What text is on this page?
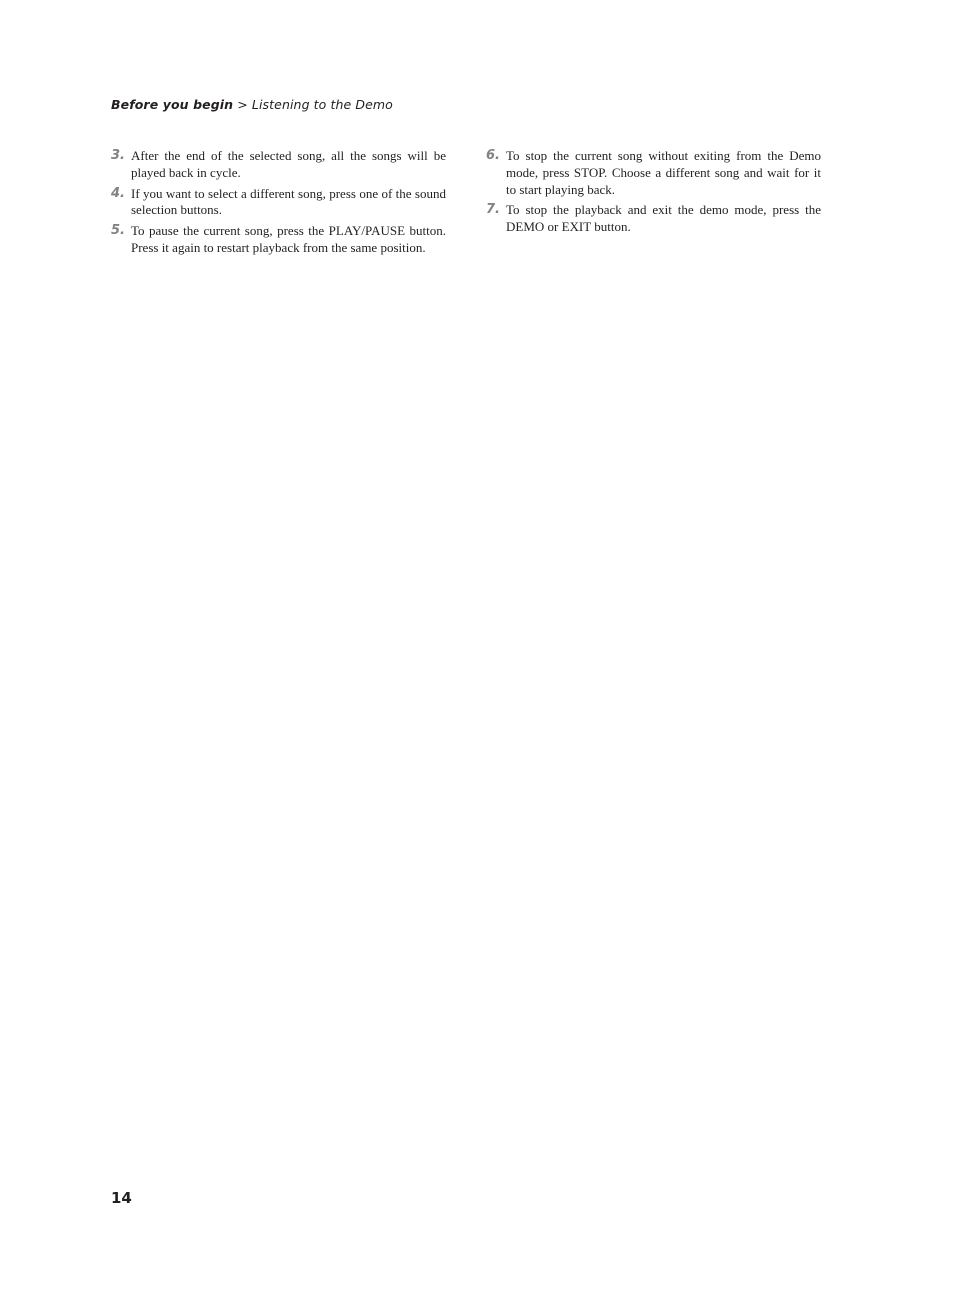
Before you begin > Listening to the Demo
3. After the end of the selected song, all the songs will be played back in cycle.

4. If you want to select a different song, press one of the sound selection buttons.

5. To pause the current song, press the PLAY/PAUSE button. Press it again to restart playback from the same position.

6. To stop the current song without exiting from the Demo mode, press STOP. Choose a different song and wait for it to start playing back.

7. To stop the playback and exit the demo mode, press the DEMO or EXIT button.

14
